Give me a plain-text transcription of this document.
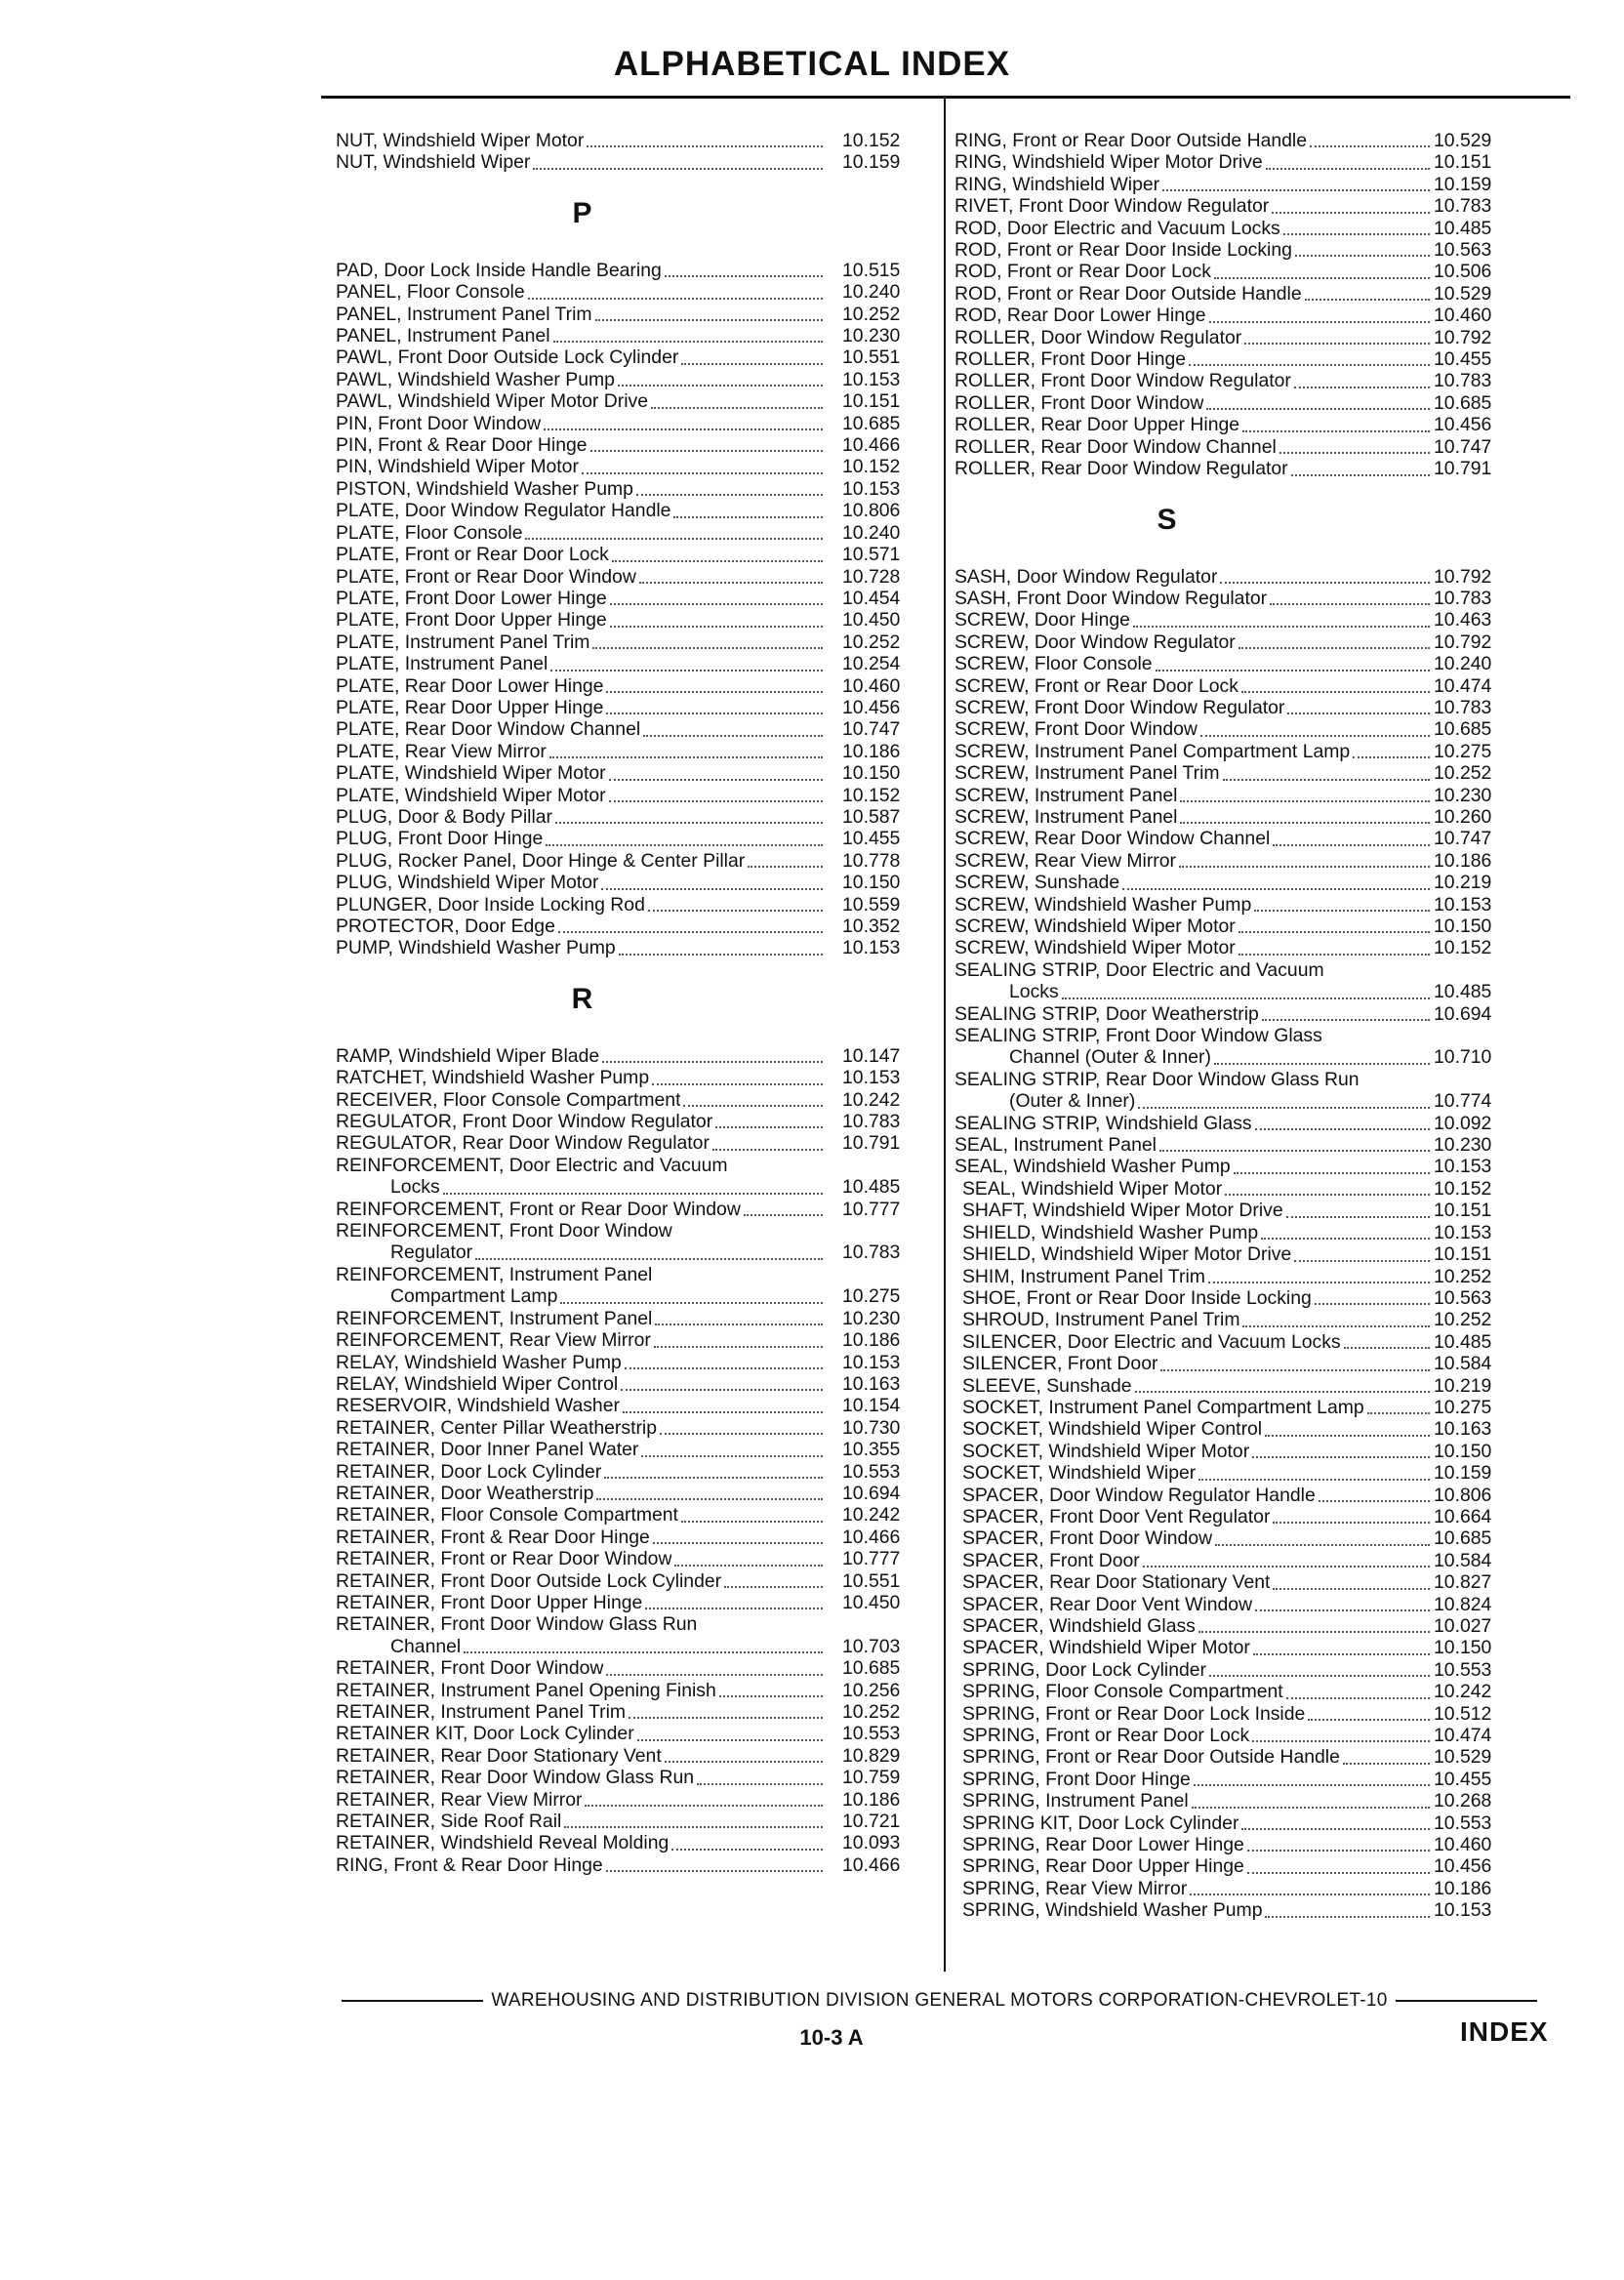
ALPHABETICAL INDEX
NUT, Windshield Wiper Motor	10.152
NUT, Windshield Wiper	10.159
P
PAD, Door Lock Inside Handle Bearing	10.515
PANEL, Floor Console	10.240
PANEL, Instrument Panel Trim	10.252
PANEL, Instrument Panel	10.230
PAWL, Front Door Outside Lock Cylinder	10.551
PAWL, Windshield Washer Pump	10.153
PAWL, Windshield Wiper Motor Drive	10.151
PIN, Front Door Window	10.685
PIN, Front & Rear Door Hinge	10.466
PIN, Windshield Wiper Motor	10.152
PISTON, Windshield Washer Pump	10.153
PLATE, Door Window Regulator Handle	10.806
PLATE, Floor Console	10.240
PLATE, Front or Rear Door Lock	10.571
PLATE, Front or Rear Door Window	10.728
PLATE, Front Door Lower Hinge	10.454
PLATE, Front Door Upper Hinge	10.450
PLATE, Instrument Panel Trim	10.252
PLATE, Instrument Panel	10.254
PLATE, Rear Door Lower Hinge	10.460
PLATE, Rear Door Upper Hinge	10.456
PLATE, Rear Door Window Channel	10.747
PLATE, Rear View Mirror	10.186
PLATE, Windshield Wiper Motor	10.150
PLATE, Windshield Wiper Motor	10.152
PLUG, Door & Body Pillar	10.587
PLUG, Front Door Hinge	10.455
PLUG, Rocker Panel, Door Hinge & Center Pillar	10.778
PLUG, Windshield Wiper Motor	10.150
PLUNGER, Door Inside Locking Rod	10.559
PROTECTOR, Door Edge	10.352
PUMP, Windshield Washer Pump	10.153
R
RAMP, Windshield Wiper Blade	10.147
RATCHET, Windshield Washer Pump	10.153
RECEIVER, Floor Console Compartment	10.242
REGULATOR, Front Door Window Regulator	10.783
REGULATOR, Rear Door Window Regulator	10.791
REINFORCEMENT, Door Electric and Vacuum
Locks	10.485
REINFORCEMENT, Front or Rear Door Window	10.777
REINFORCEMENT, Front Door Window
Regulator	10.783
REINFORCEMENT, Instrument Panel
Compartment Lamp	10.275
REINFORCEMENT, Instrument Panel	10.230
REINFORCEMENT, Rear View Mirror	10.186
RELAY, Windshield Washer Pump	10.153
RELAY, Windshield Wiper Control	10.163
RESERVOIR, Windshield Washer	10.154
RETAINER, Center Pillar Weatherstrip	10.730
RETAINER, Door Inner Panel Water	10.355
RETAINER, Door Lock Cylinder	10.553
RETAINER, Door Weatherstrip	10.694
RETAINER, Floor Console Compartment	10.242
RETAINER, Front & Rear Door Hinge	10.466
RETAINER, Front or Rear Door Window	10.777
RETAINER, Front Door Outside Lock Cylinder	10.551
RETAINER, Front Door Upper Hinge	10.450
RETAINER, Front Door Window Glass Run
Channel	10.703
RETAINER, Front Door Window	10.685
RETAINER, Instrument Panel Opening Finish	10.256
RETAINER, Instrument Panel Trim	10.252
RETAINER KIT, Door Lock Cylinder	10.553
RETAINER, Rear Door Stationary Vent	10.829
RETAINER, Rear Door Window Glass Run	10.759
RETAINER, Rear View Mirror	10.186
RETAINER, Side Roof Rail	10.721
RETAINER, Windshield Reveal Molding	10.093
RING, Front & Rear Door Hinge	10.466
RING, Front or Rear Door Outside Handle	10.529
RING, Windshield Wiper Motor Drive	10.151
RING, Windshield Wiper	10.159
RIVET, Front Door Window Regulator	10.783
ROD, Door Electric and Vacuum Locks	10.485
ROD, Front or Rear Door Inside Locking	10.563
ROD, Front or Rear Door Lock	10.506
ROD, Front or Rear Door Outside Handle	10.529
ROD, Rear Door Lower Hinge	10.460
ROLLER, Door Window Regulator	10.792
ROLLER, Front Door Hinge	10.455
ROLLER, Front Door Window Regulator	10.783
ROLLER, Front Door Window	10.685
ROLLER, Rear Door Upper Hinge	10.456
ROLLER, Rear Door Window Channel	10.747
ROLLER, Rear Door Window Regulator	10.791
S
SASH, Door Window Regulator	10.792
SASH, Front Door Window Regulator	10.783
SCREW, Door Hinge	10.463
SCREW, Door Window Regulator	10.792
SCREW, Floor Console	10.240
SCREW, Front or Rear Door Lock	10.474
SCREW, Front Door Window Regulator	10.783
SCREW, Front Door Window	10.685
SCREW, Instrument Panel Compartment Lamp	10.275
SCREW, Instrument Panel Trim	10.252
SCREW, Instrument Panel	10.230
SCREW, Instrument Panel	10.260
SCREW, Rear Door Window Channel	10.747
SCREW, Rear View Mirror	10.186
SCREW, Sunshade	10.219
SCREW, Windshield Washer Pump	10.153
SCREW, Windshield Wiper Motor	10.150
SCREW, Windshield Wiper Motor	10.152
SEALING STRIP, Door Electric and Vacuum
Locks	10.485
SEALING STRIP, Door Weatherstrip	10.694
SEALING STRIP, Front Door Window Glass
Channel (Outer & Inner)	10.710
SEALING STRIP, Rear Door Window Glass Run
(Outer & Inner)	10.774
SEALING STRIP, Windshield Glass	10.092
SEAL, Instrument Panel	10.230
SEAL, Windshield Washer Pump	10.153
SEAL, Windshield Wiper Motor	10.152
SHAFT, Windshield Wiper Motor Drive	10.151
SHIELD, Windshield Washer Pump	10.153
SHIELD, Windshield Wiper Motor Drive	10.151
SHIM, Instrument Panel Trim	10.252
SHOE, Front or Rear Door Inside Locking	10.563
SHROUD, Instrument Panel Trim	10.252
SILENCER, Door Electric and Vacuum Locks	10.485
SILENCER, Front Door	10.584
SLEEVE, Sunshade	10.219
SOCKET, Instrument Panel Compartment Lamp	10.275
SOCKET, Windshield Wiper Control	10.163
SOCKET, Windshield Wiper Motor	10.150
SOCKET, Windshield Wiper	10.159
SPACER, Door Window Regulator Handle	10.806
SPACER, Front Door Vent Regulator	10.664
SPACER, Front Door Window	10.685
SPACER, Front Door	10.584
SPACER, Rear Door Stationary Vent	10.827
SPACER, Rear Door Vent Window	10.824
SPACER, Windshield Glass	10.027
SPACER, Windshield Wiper Motor	10.150
SPRING, Door Lock Cylinder	10.553
SPRING, Floor Console Compartment	10.242
SPRING, Front or Rear Door Lock Inside	10.512
SPRING, Front or Rear Door Lock	10.474
SPRING, Front or Rear Door Outside Handle	10.529
SPRING, Front Door Hinge	10.455
SPRING, Instrument Panel	10.268
SPRING KIT, Door Lock Cylinder	10.553
SPRING, Rear Door Lower Hinge	10.460
SPRING, Rear Door Upper Hinge	10.456
SPRING, Rear View Mirror	10.186
SPRING, Windshield Washer Pump	10.153
WAREHOUSING AND DISTRIBUTION DIVISION GENERAL MOTORS CORPORATION-CHEVROLET-10
10-3 A	INDEX
